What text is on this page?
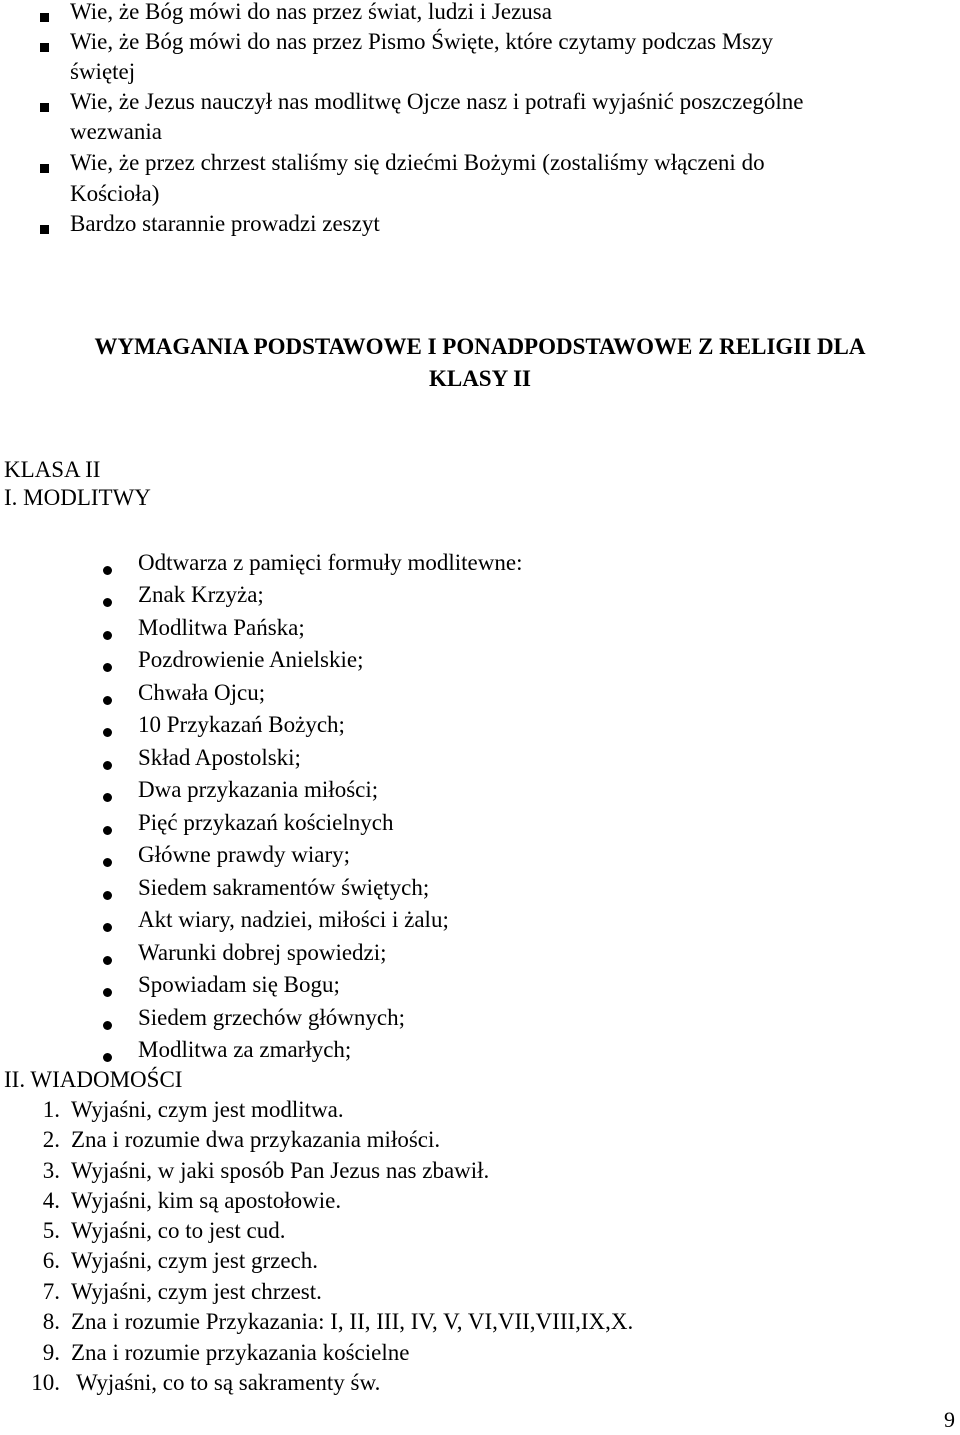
Wie, że Bóg mówi do nas przez świat, ludzi i Jezusa
Wie, że Bóg mówi do nas przez Pismo Święte, które czytamy podczas Mszy
świętej
Wie, że Jezus nauczył nas modlitwę Ojcze nasz i potrafi wyjaśnić poszczególne
wezwania
Wie, że przez chrzest staliśmy się dziećmi Bożymi (zostaliśmy włączeni do
Kościoła)
Bardzo starannie prowadzi zeszyt
WYMAGANIA PODSTAWOWE I PONADPODSTAWOWE Z RELIGII DLA
KLASY II
KLASA II
I. MODLITWY
Odtwarza z pamięci formuły modlitewne:
Znak Krzyża;
Modlitwa Pańska;
Pozdrowienie Anielskie;
Chwała Ojcu;
10 Przykazań Bożych;
Skład Apostolski;
Dwa przykazania miłości;
Pięć przykazań kościelnych
Główne prawdy wiary;
Siedem sakramentów świętych;
Akt wiary, nadziei, miłości i żalu;
Warunki dobrej spowiedzi;
Spowiadam się Bogu;
Siedem grzechów głównych;
Modlitwa za zmarłych;
II. WIADOMOŚCI
1. Wyjaśni, czym jest modlitwa.
2. Zna i rozumie dwa przykazania miłości.
3. Wyjaśni, w jaki sposób Pan Jezus nas zbawił.
4. Wyjaśni, kim są apostołowie.
5. Wyjaśni, co to jest cud.
6. Wyjaśni, czym jest grzech.
7. Wyjaśni, czym jest chrzest.
8. Zna i rozumie Przykazania: I, II, III, IV, V, VI,VII,VIII,IX,X.
9. Zna i rozumie przykazania kościelne
10. Wyjaśni, co to są sakramenty św.
9
